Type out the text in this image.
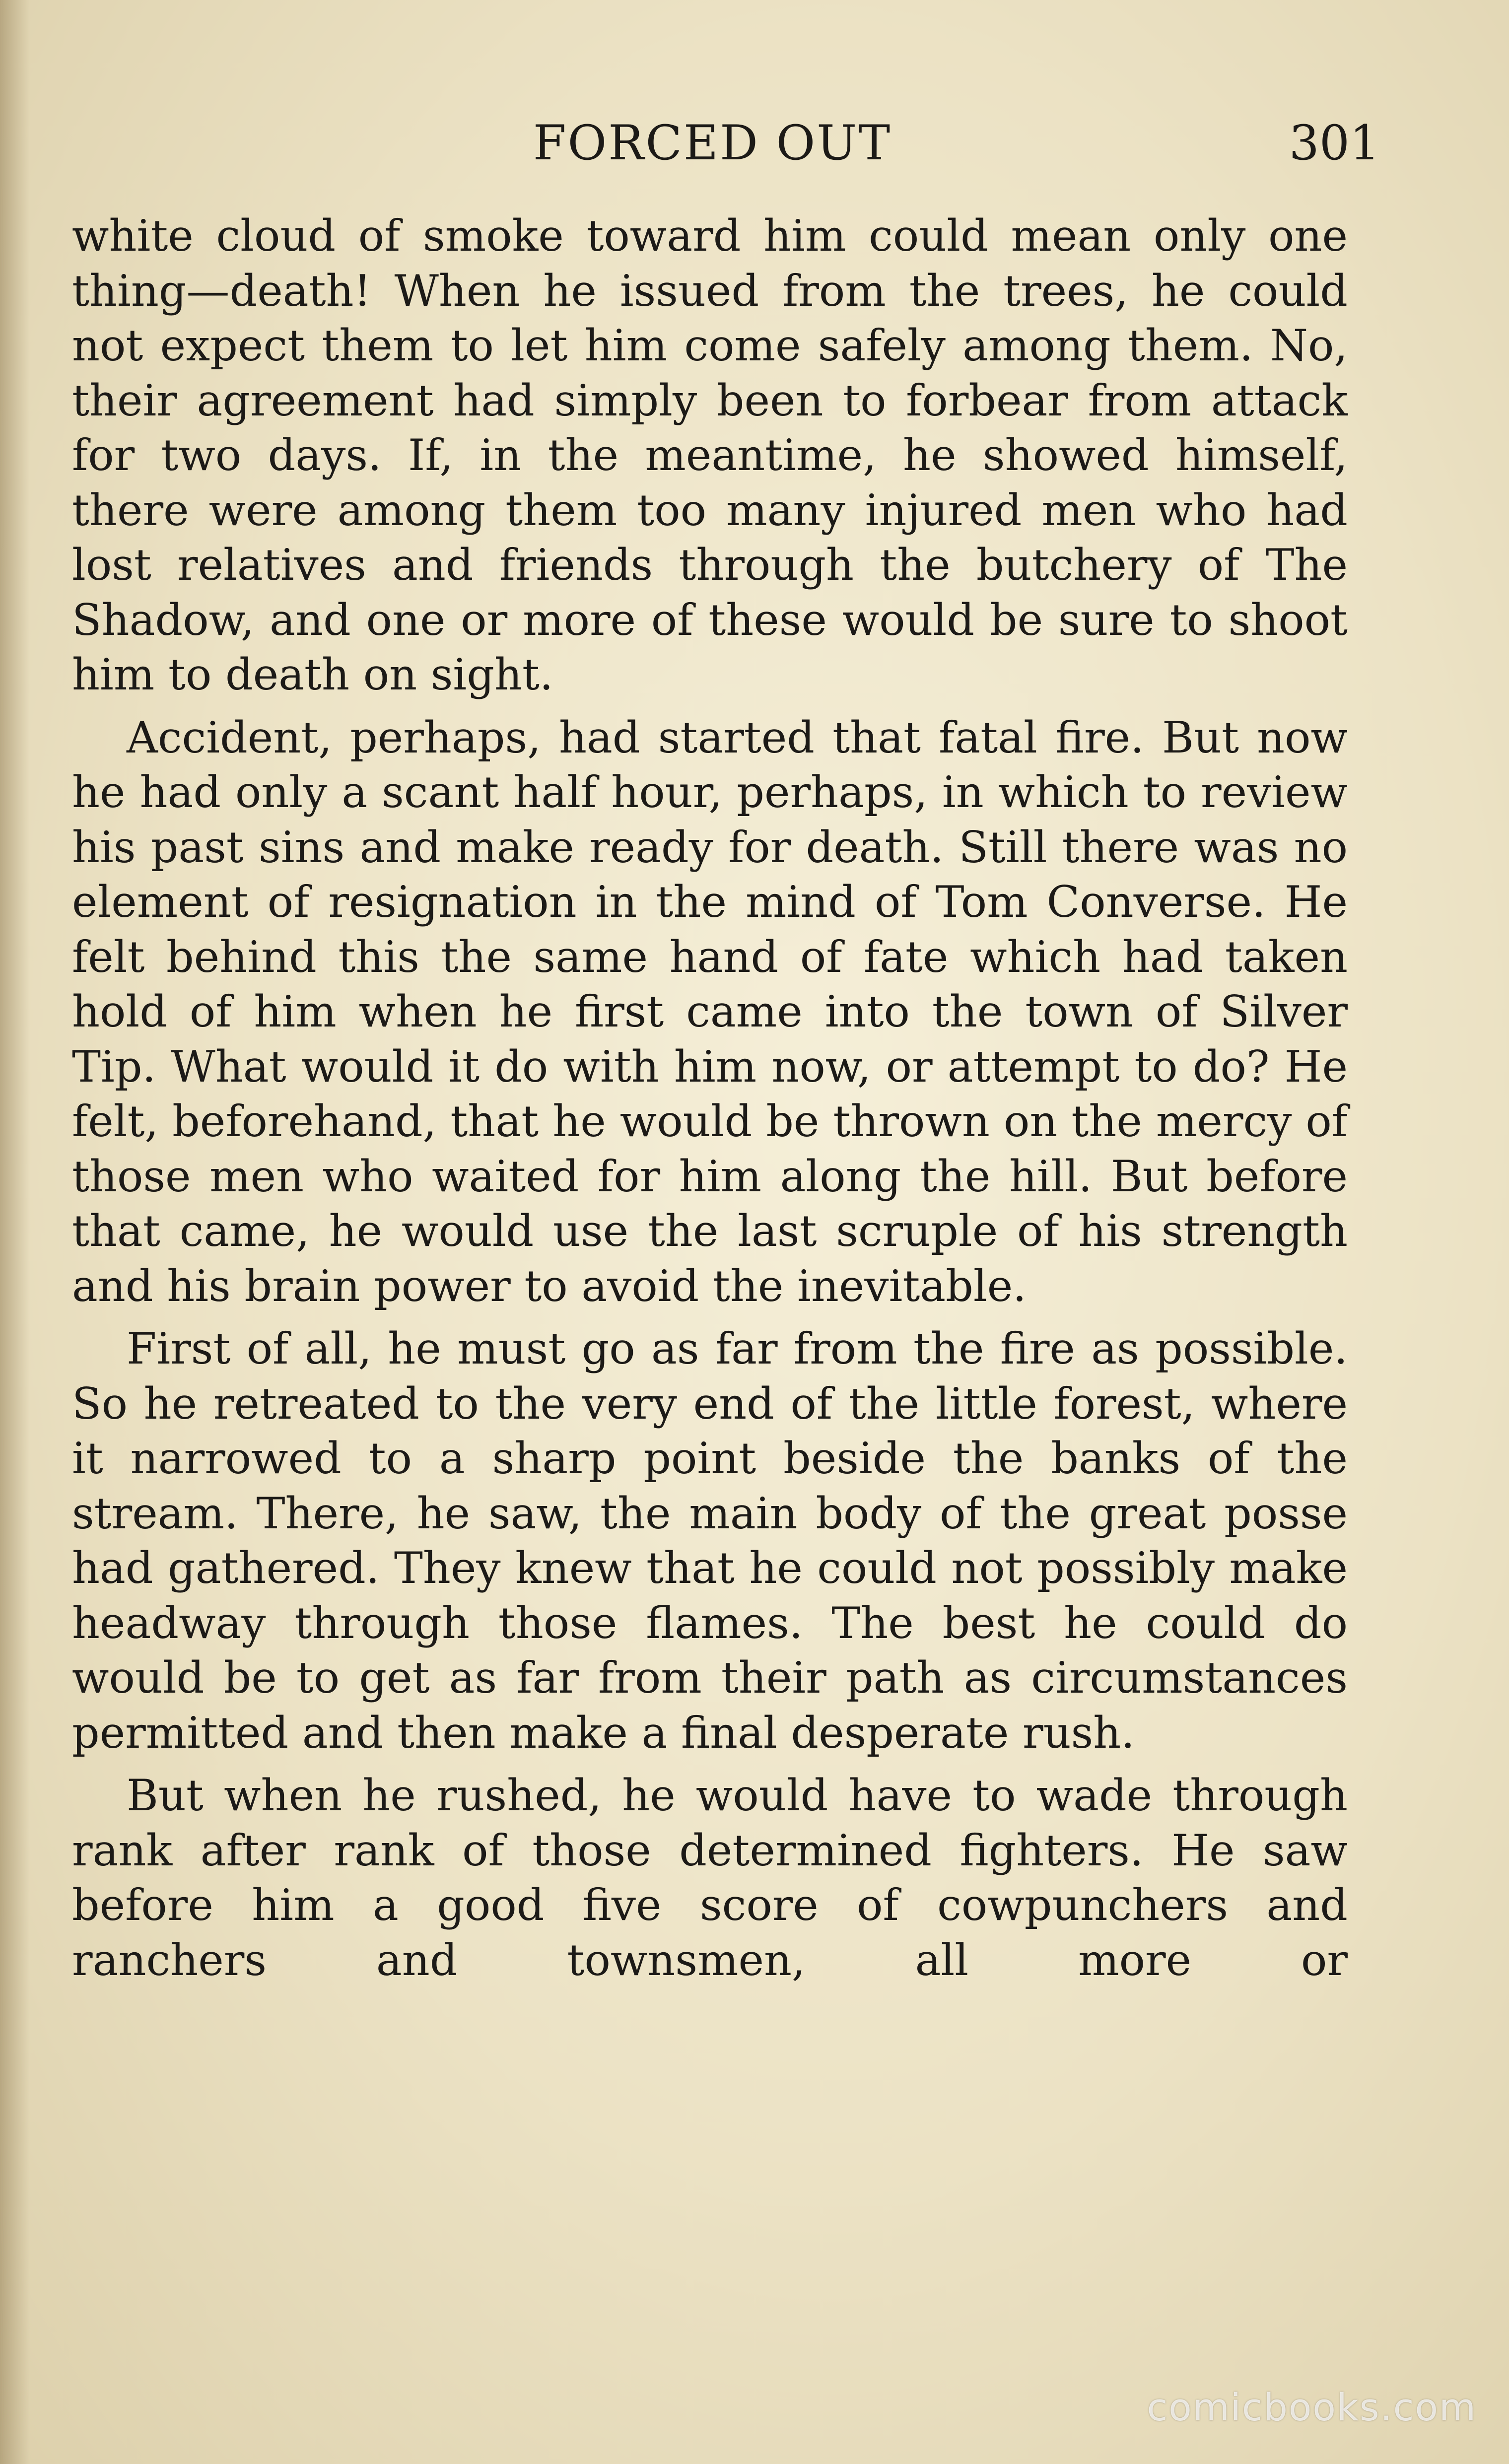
FORCED OUT	301

white cloud of smoke toward him could mean only one thing—death! When he issued from the trees, he could not expect them to let him come safely among them. No, their agreement had simply been to forbear from attack for two days. If, in the meantime, he showed himself, there were among them too many injured men who had lost relatives and friends through the butchery of The Shadow, and one or more of these would be sure to shoot him to death on sight.

Accident, perhaps, had started that fatal fire. But now he had only a scant half hour, perhaps, in which to review his past sins and make ready for death. Still there was no element of resignation in the mind of Tom Converse. He felt behind this the same hand of fate which had taken hold of him when he first came into the town of Silver Tip. What would it do with him now, or attempt to do? He felt, beforehand, that he would be thrown on the mercy of those men who waited for him along the hill. But before that came, he would use the last scruple of his strength and his brain power to avoid the inevitable.

First of all, he must go as far from the fire as possible. So he retreated to the very end of the little forest, where it narrowed to a sharp point beside the banks of the stream. There, he saw, the main body of the great posse had gathered. They knew that he could not possibly make headway through those flames. The best he could do would be to get as far from their path as circumstances permitted and then make a final desperate rush.

But when he rushed, he would have to wade through rank after rank of those determined fighters. He saw before him a good five score of cowpunchers and ranchers and townsmen, all more or

comicbooks.com
